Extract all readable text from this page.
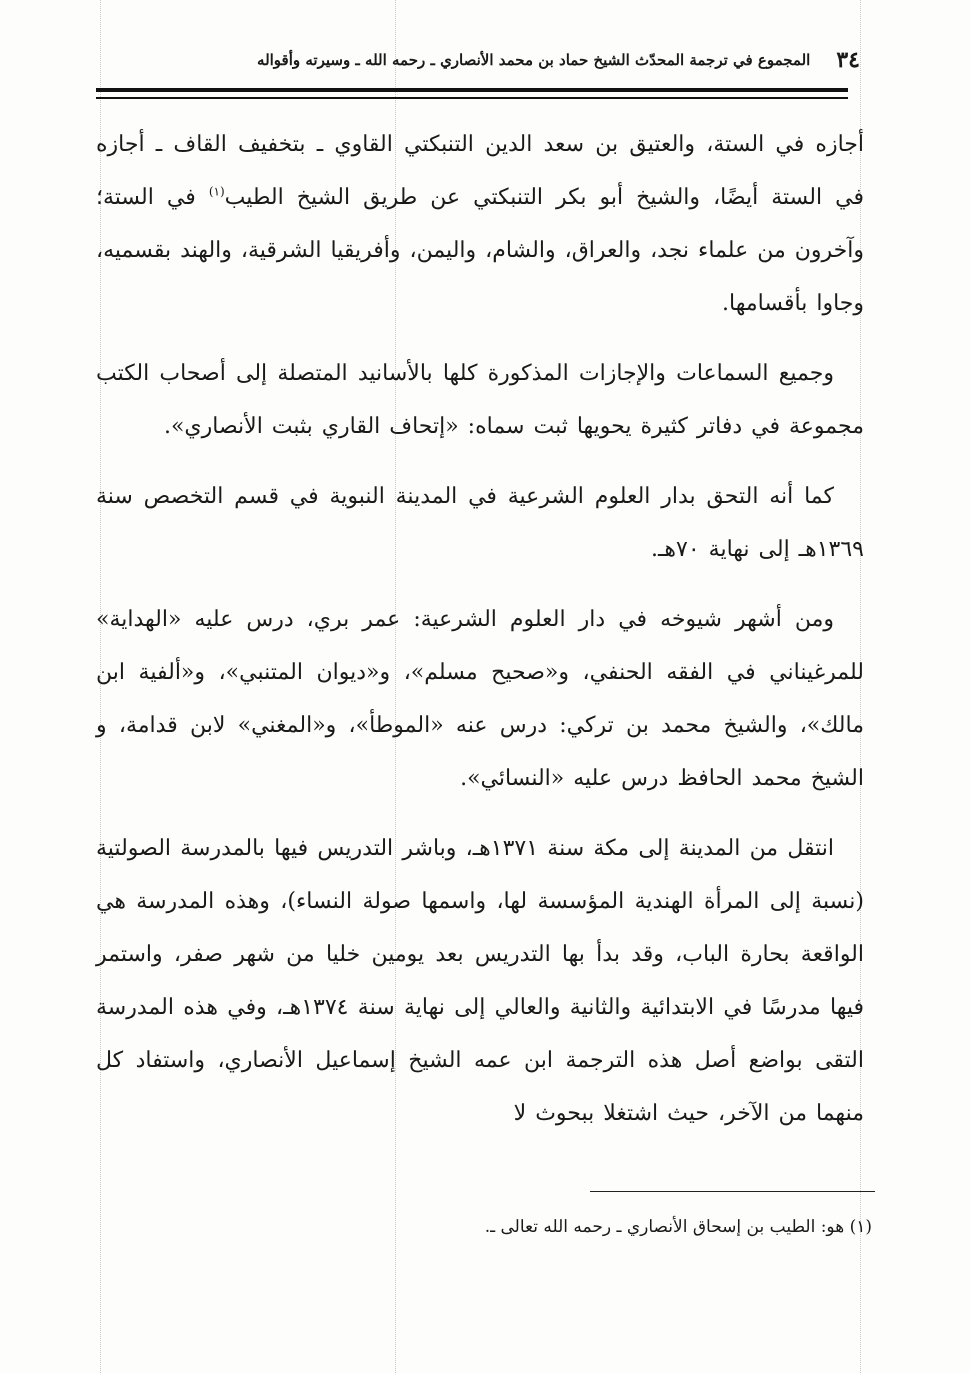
٣٤
المجموع في ترجمة المحدّث الشيخ حماد بن محمد الأنصاري ـ رحمه الله ـ وسيرته وأقواله

أجازه في الستة، والعتيق بن سعد الدين التنبكتي القاوي ـ بتخفيف القاف ـ أجازه في الستة أيضًا، والشيخ أبو بكر التنبكتي عن طريق الشيخ الطيب$^{(١)}$ في الستة؛ وآخرون من علماء نجد، والعراق، والشام، واليمن، وأفريقيا الشرقية، والهند بقسميه، وجاوا بأقسامها.

وجميع السماعات والإجازات المذكورة كلها بالأسانيد المتصلة إلى أصحاب الكتب مجموعة في دفاتر كثيرة يحويها ثبت سماه: «إتحاف القاري بثبت الأنصاري».

كما أنه التحق بدار العلوم الشرعية في المدينة النبوية في قسم التخصص سنة ١٣٦٩هـ إلى نهاية ٧٠هـ.

ومن أشهر شيوخه في دار العلوم الشرعية: عمر بري، درس عليه «الهداية» للمرغيناني في الفقه الحنفي، و«صحيح مسلم»، و«ديوان المتنبي»، و«ألفية ابن مالك»، والشيخ محمد بن تركي: درس عنه «الموطأ»، و«المغني» لابن قدامة، و الشيخ محمد الحافظ درس عليه «النسائي».

انتقل من المدينة إلى مكة سنة ١٣٧١هـ، وباشر التدريس فيها بالمدرسة الصولتية (نسبة إلى المرأة الهندية المؤسسة لها، واسمها صولة النساء)، وهذه المدرسة هي الواقعة بحارة الباب، وقد بدأ بها التدريس بعد يومين خليا من شهر صفر، واستمر فيها مدرسًا في الابتدائية والثانية والعالي إلى نهاية سنة ١٣٧٤هـ، وفي هذه المدرسة التقى بواضع أصل هذه الترجمة ابن عمه الشيخ إسماعيل الأنصاري، واستفاد كل منهما من الآخر، حيث اشتغلا ببحوث لا

(١) هو: الطيب بن إسحاق الأنصاري ـ رحمه الله تعالى ـ.
